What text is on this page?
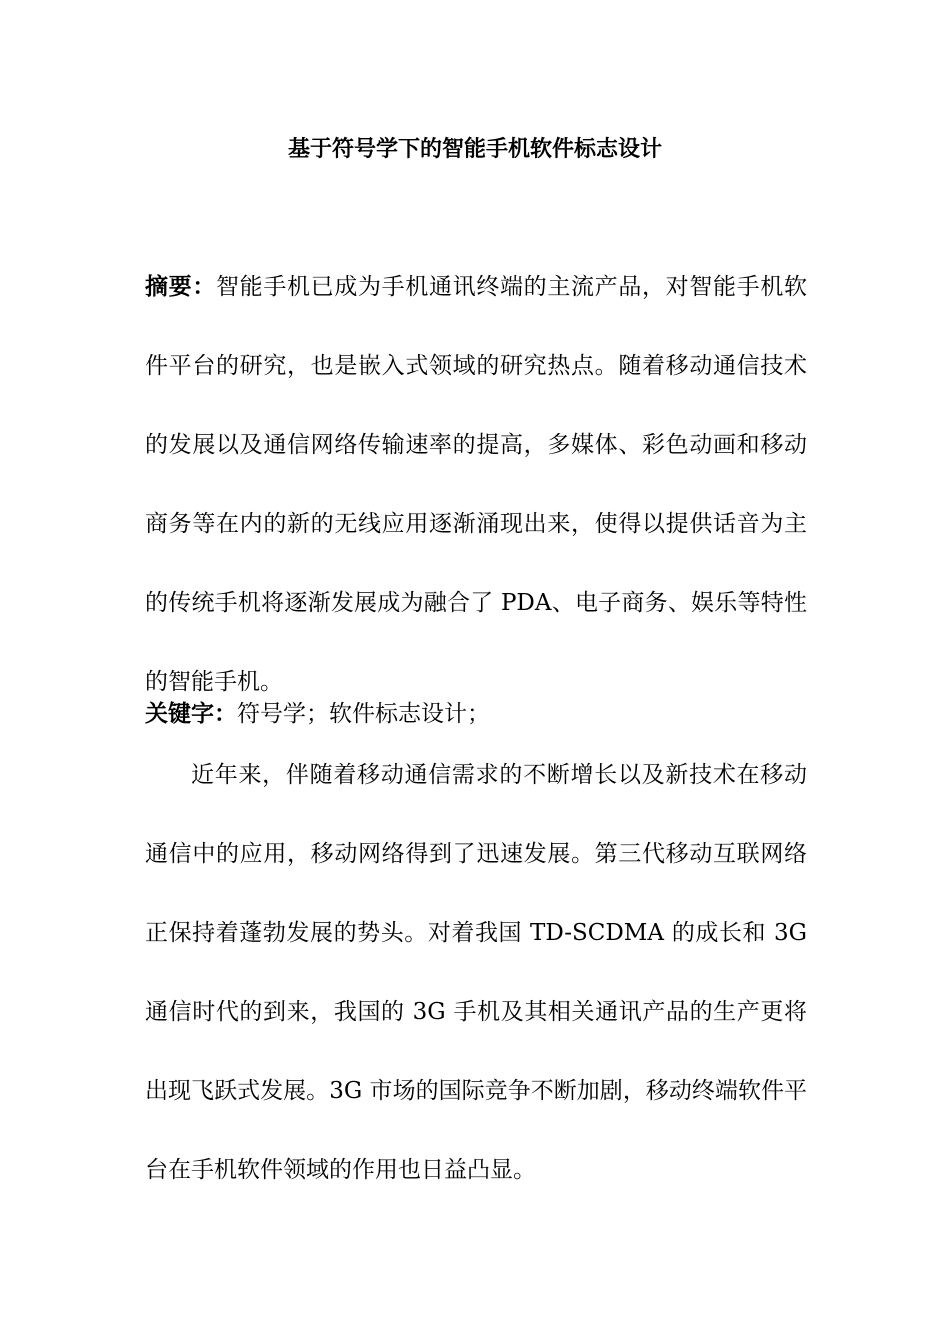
基于符号学下的智能手机软件标志设计

摘要：智能手机已成为手机通讯终端的主流产品，对智能手机软件平台的研究，也是嵌入式领域的研究热点。随着移动通信技术的发展以及通信网络传输速率的提高，多媒体、彩色动画和移动商务等在内的新的无线应用逐渐涌现出来，使得以提供话音为主的传统手机将逐渐发展成为融合了 PDA、电子商务、娱乐等特性的智能手机。

关键字：符号学；软件标志设计；

近年来，伴随着移动通信需求的不断增长以及新技术在移动通信中的应用，移动网络得到了迅速发展。第三代移动互联网络正保持着蓬勃发展的势头。对着我国 TD-SCDMA 的成长和 3G 通信时代的到来，我国的 3G 手机及其相关通讯产品的生产更将出现飞跃式发展。3G 市场的国际竞争不断加剧，移动终端软件平台在手机软件领域的作用也日益凸显。
